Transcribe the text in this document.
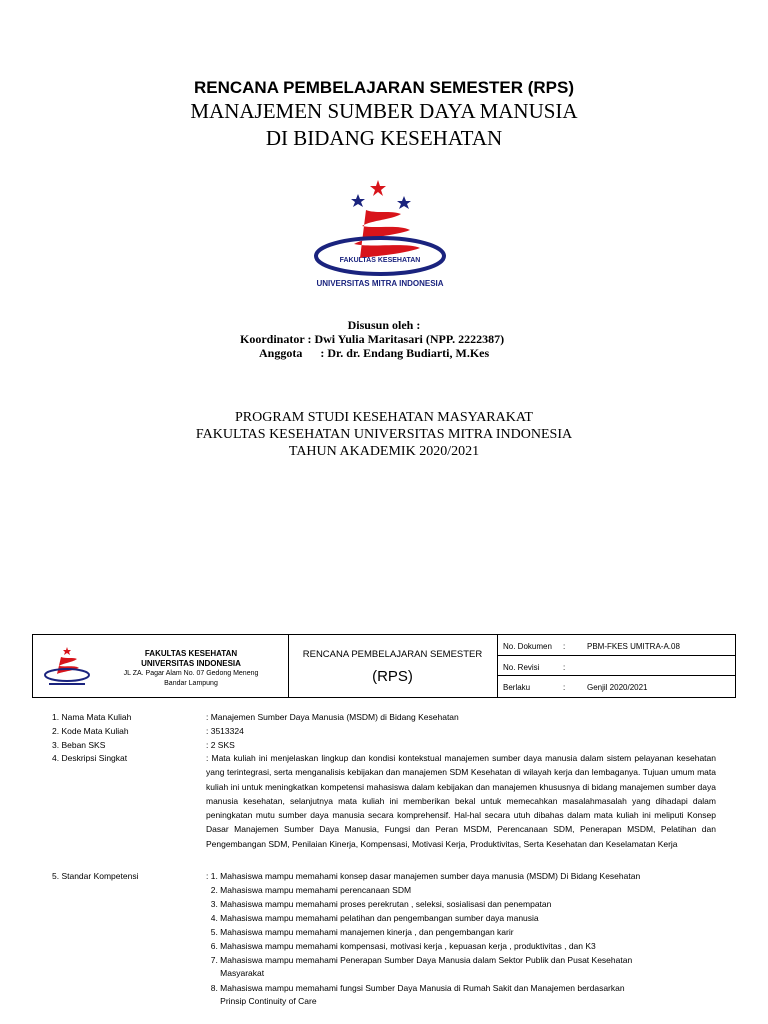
RENCANA PEMBELAJARAN SEMESTER (RPS)
MANAJEMEN SUMBER DAYA MANUSIA
DI BIDANG KESEHATAN
FAKULTAS KESEHATAN
UNIVERSITAS MITRA INDONESIA
Disusun oleh :
Koordinator : Dwi Yulia Maritasari (NPP. 2222387)
Anggota      : Dr. dr. Endang Budiarti, M.Kes
PROGRAM STUDI KESEHATAN MASYARAKAT
FAKULTAS KESEHATAN UNIVERSITAS MITRA INDONESIA
TAHUN AKADEMIK 2020/2021
FAKULTAS KESEHATAN
UNIVERSITAS INDONESIA
JL ZA. Pagar Alam No. 07 Gedong Meneng
Bandar Lampung
RENCANA PEMBELAJARAN SEMESTER
(RPS)
No. Dokumen :	PBM-FKES UMITRA-A.08
No. Revisi	:
Berlaku	:	Genjil 2020/2021
1. Nama Mata Kuliah	: Manajemen Sumber Daya Manusia (MSDM) di Bidang Kesehatan
2. Kode Mata Kuliah	: 3513324
3. Beban SKS	: 2 SKS
4. Deskripsi Singkat	: Mata kuliah ini menjelaskan lingkup dan kondisi kontekstual manajemen sumber daya manusia dalam sistem pelayanan kesehatan yang terintegrasi, serta menganalisis kebijakan dan manajemen SDM Kesehatan di wilayah kerja dan lembaganya. Tujuan umum mata kuliah ini untuk meningkatkan kompetensi mahasiswa dalam kebijakan dan manajemen khususnya di bidang manajemen sumber daya manusia kesehatan, selanjutnya mata kuliah ini memberikan bekal untuk memecahkan masalahmasalah yang dihadapi dalam peningkatan mutu sumber daya manusia secara komprehensif. Hal-hal secara utuh dibahas dalam mata kuliah ini meliputi Konsep Dasar Manajemen Sumber Daya Manusia, Fungsi dan Peran MSDM, Perencanaan SDM, Penerapan MSDM, Pelatihan dan Pengembangan SDM, Penilaian Kinerja, Kompensasi, Motivasi Kerja, Produktivitas, Serta Kesehatan dan Keselamatan Kerja
5. Standar Kompetensi	: 1. Mahasiswa mampu memahami konsep dasar manajemen sumber daya manusia (MSDM) Di Bidang Kesehatan
2. Mahasiswa mampu memahami perencanaan SDM
3. Mahasiswa mampu memahami proses perekrutan , seleksi, sosialisasi dan penempatan
4. Mahasiswa mampu memahami pelatihan dan pengembangan sumber daya manusia
5. Mahasiswa mampu memahami manajemen kinerja , dan pengembangan karir
6. Mahasiswa mampu memahami kompensasi, motivasi kerja , kepuasan kerja , produktivitas , dan K3
7. Mahasiswa mampu memahami Penerapan Sumber Daya Manusia dalam Sektor Publik dan Pusat Kesehatan
Masyarakat
8. Mahasiswa mampu memahami fungsi Sumber Daya Manusia di Rumah Sakit dan Manajemen berdasarkan
Prinsip Continuity of Care
